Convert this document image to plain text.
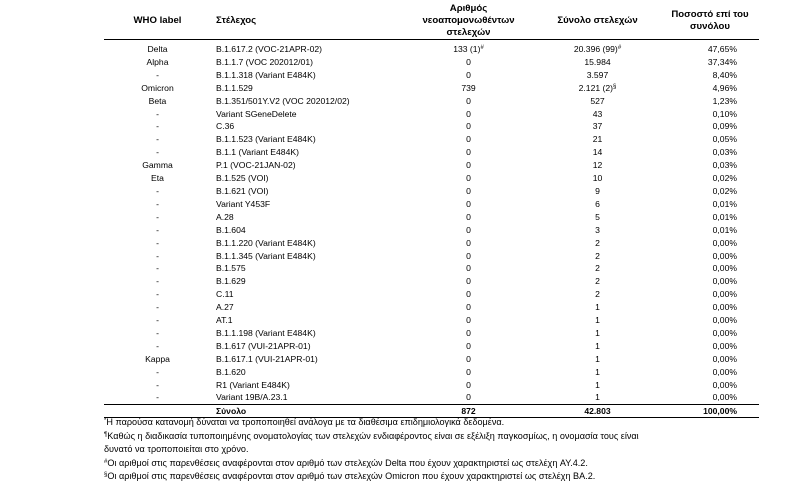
WHO label	Στέλεχος	Αριθμός νεοαπομονωθέντων στελεχών	Σύνολο στελεχών	Ποσοστό επί του συνόλου
Delta	B.1.617.2 (VOC-21APR-02)	133 (1)#	20.396 (99)#	47,65%
Alpha	B.1.1.7 (VOC 202012/01)	0	15.984	37,34%
-	B.1.1.318 (Variant E484K)	0	3.597	8,40%
Omicron	B.1.1.529	739	2.121 (2)§	4,96%
Beta	B.1.351/501Y.V2 (VOC 202012/02)	0	527	1,23%
-	Variant SGeneDelete	0	43	0,10%
-	C.36	0	37	0,09%
-	B.1.1.523 (Variant E484K)	0	21	0,05%
-	B.1.1 (Variant E484K)	0	14	0,03%
Gamma	P.1 (VOC-21JAN-02)	0	12	0,03%
Eta	B.1.525 (VOI)	0	10	0,02%
-	B.1.621 (VOI)	0	9	0,02%
-	Variant Y453F	0	6	0,01%
-	A.28	0	5	0,01%
-	B.1.604	0	3	0,01%
-	B.1.1.220 (Variant E484K)	0	2	0,00%
-	B.1.1.345 (Variant E484K)	0	2	0,00%
-	B.1.575	0	2	0,00%
-	B.1.629	0	2	0,00%
-	C.11	0	2	0,00%
-	A.27	0	1	0,00%
-	AT.1	0	1	0,00%
-	B.1.1.198 (Variant E484K)	0	1	0,00%
-	B.1.617 (VUI-21APR-01)	0	1	0,00%
Kappa	B.1.617.1 (VUI-21APR-01)	0	1	0,00%
-	B.1.620	0	1	0,00%
-	R1 (Variant E484K)	0	1	0,00%
-	Variant 19B/A.23.1	0	1	0,00%
	Σύνολο	872	42.803	100,00%
*Η παρούσα κατανομή δύναται να τροποποιηθεί ανάλογα με τα διαθέσιμα επιδημιολογικά δεδομένα.
¶Καθώς η διαδικασία τυποποιημένης ονοματολογίας των στελεχών ενδιαφέροντος είναι σε εξέλιξη παγκοσμίως, η ονομασία τους είναι
δυνατό να τροποποιείται στο χρόνο.
#Οι αριθμοί στις παρενθέσεις αναφέρονται στον αριθμό των στελεχών Delta που έχουν χαρακτηριστεί ως στελέχη AY.4.2.
§Οι αριθμοί στις παρενθέσεις αναφέρονται στον αριθμό των στελεχών Omicron που έχουν χαρακτηριστεί ως στελέχη BA.2.
